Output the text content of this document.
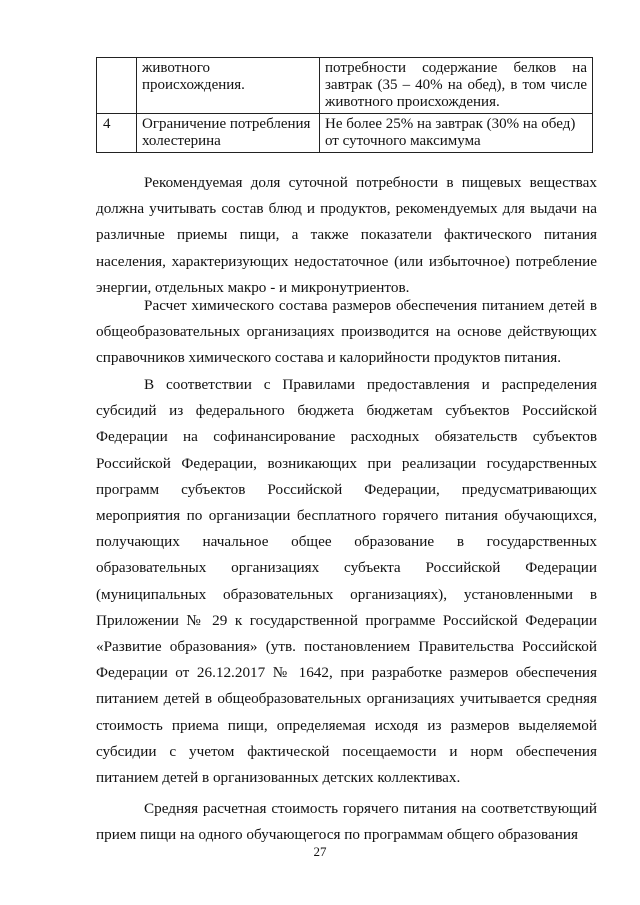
	животного происхождения.	потребности содержание белков на завтрак (35 – 40% на обед), в том числе животного происхождения.
4	Ограничение потребления холестерина	Не более 25% на завтрак (30% на обед) от суточного максимума

Рекомендуемая доля суточной потребности в пищевых веществах должна учитывать состав блюд и продуктов, рекомендуемых для выдачи на различные приемы пищи, а также показатели фактического питания населения, характеризующих недостаточное (или избыточное) потребление энергии, отдельных макро - и микронутриентов.

Расчет химического состава размеров обеспечения питанием детей в общеобразовательных организациях производится на основе действующих справочников химического состава и калорийности продуктов питания.

В соответствии с Правилами предоставления и распределения субсидий из федерального бюджета бюджетам субъектов Российской Федерации на софинансирование расходных обязательств субъектов Российской Федерации, возникающих при реализации государственных программ субъектов Российской Федерации, предусматривающих мероприятия по организации бесплатного горячего питания обучающихся, получающих начальное общее образование в государственных образовательных организациях субъекта Российской Федерации (муниципальных образовательных организациях), установленными в Приложении № 29 к государственной программе Российской Федерации «Развитие образования» (утв. постановлением Правительства Российской Федерации от 26.12.2017 № 1642, при разработке размеров обеспечения питанием детей в общеобразовательных организациях учитывается средняя стоимость приема пищи, определяемая исходя из размеров выделяемой субсидии с учетом фактической посещаемости и норм обеспечения питанием детей в организованных детских коллективах.

Средняя расчетная стоимость горячего питания на соответствующий прием пищи на одного обучающегося по программам общего образования

27
